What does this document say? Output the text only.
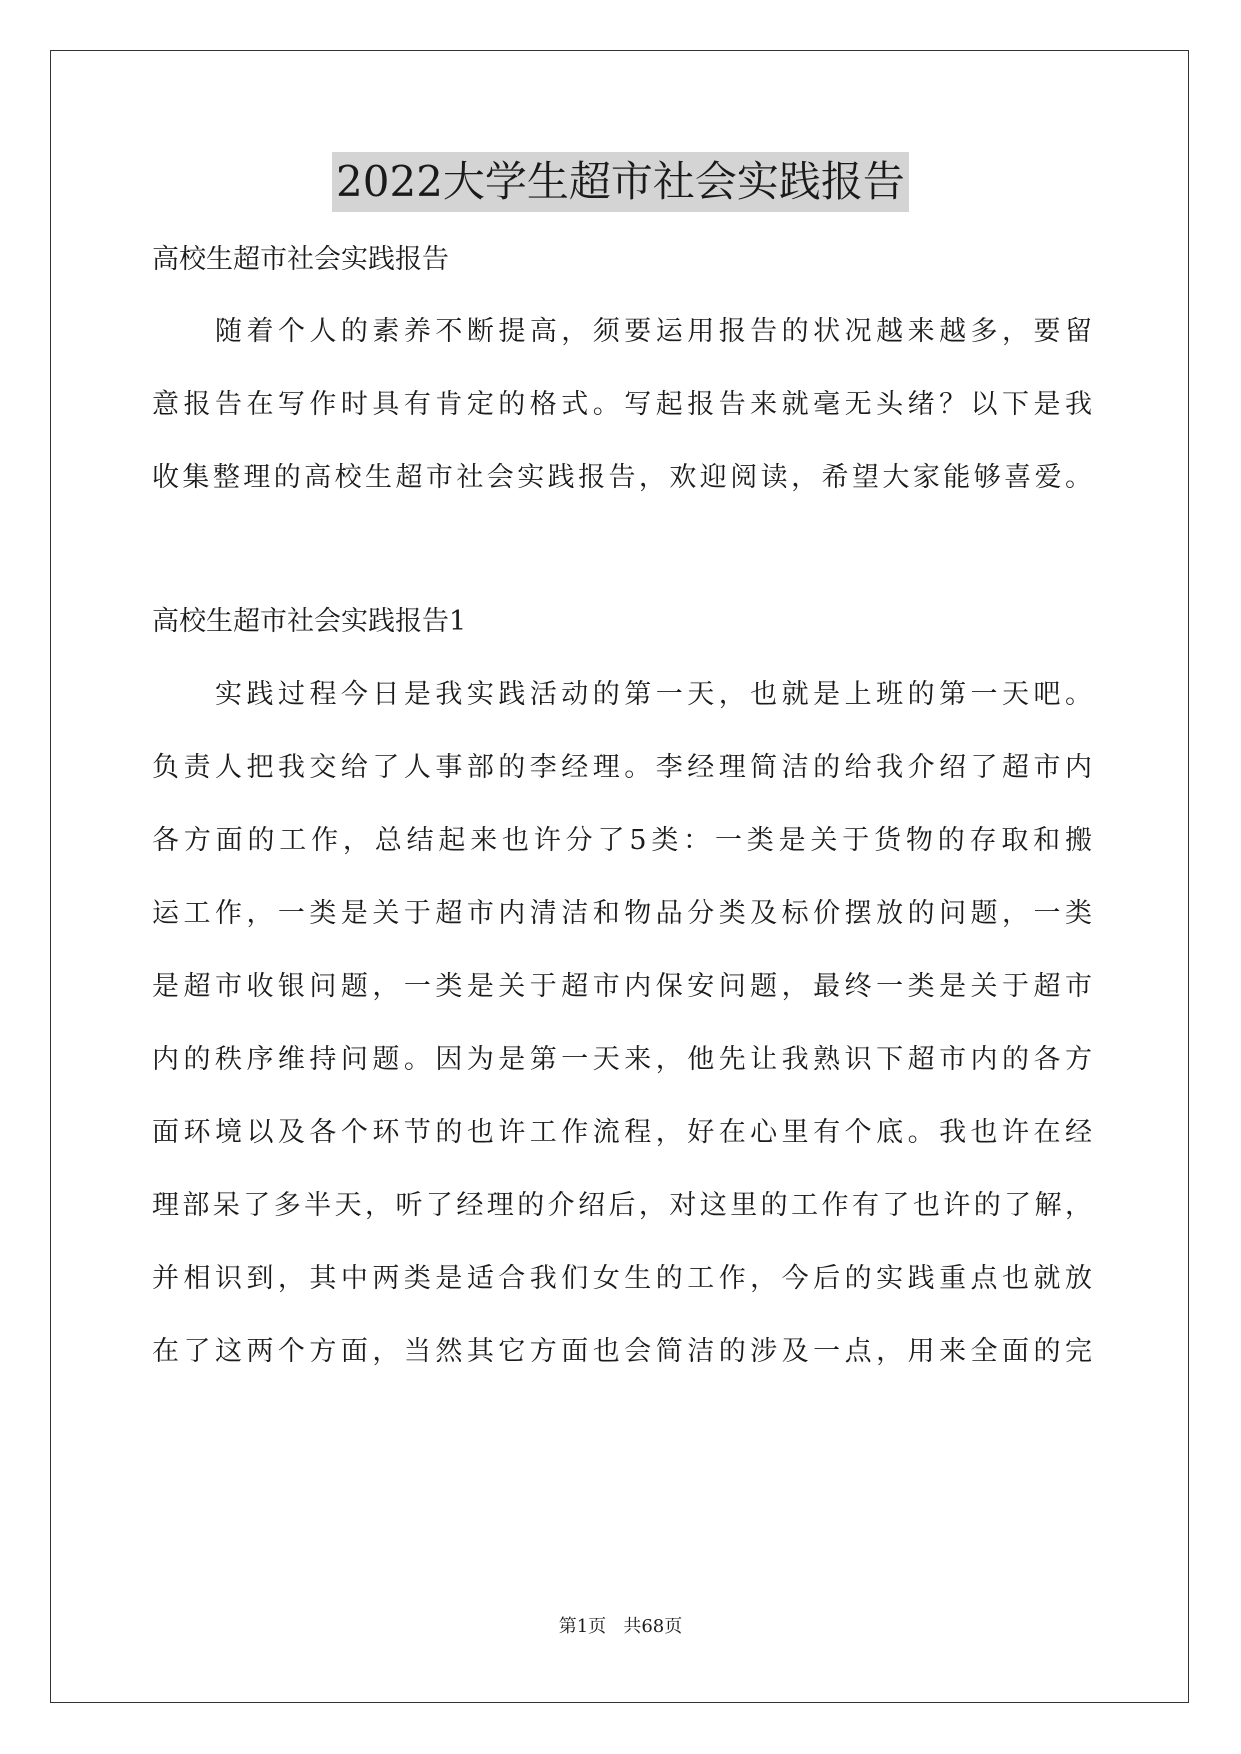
2022大学生超市社会实践报告
高校生超市社会实践报告
随着个人的素养不断提高，须要运用报告的状况越来越多，要留
意报告在写作时具有肯定的格式。写起报告来就毫无头绪？以下是我
收集整理的高校生超市社会实践报告，欢迎阅读，希望大家能够喜爱。
高校生超市社会实践报告1
实践过程今日是我实践活动的第一天，也就是上班的第一天吧。
负责人把我交给了人事部的李经理。李经理简洁的给我介绍了超市内
各方面的工作，总结起来也许分了5类：一类是关于货物的存取和搬
运工作，一类是关于超市内清洁和物品分类及标价摆放的问题，一类
是超市收银问题，一类是关于超市内保安问题，最终一类是关于超市
内的秩序维持问题。因为是第一天来，他先让我熟识下超市内的各方
面环境以及各个环节的也许工作流程，好在心里有个底。我也许在经
理部呆了多半天，听了经理的介绍后，对这里的工作有了也许的了解，
并相识到，其中两类是适合我们女生的工作，今后的实践重点也就放
在了这两个方面，当然其它方面也会简洁的涉及一点，用来全面的完
第1页   共68页
